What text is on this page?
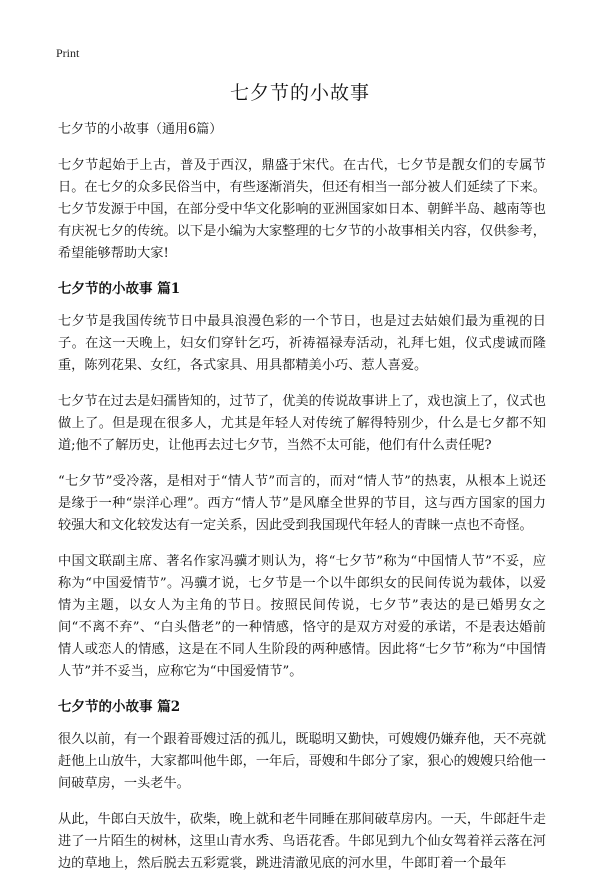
Print
七夕节的小故事

七夕节的小故事（通用6篇）

七夕节起始于上古，普及于西汉，鼎盛于宋代。在古代，七夕节是靓女们的专属节日。在七夕的众多民俗当中，有些逐渐消失，但还有相当一部分被人们延续了下来。七夕节发源于中国，在部分受中华文化影响的亚洲国家如日本、朝鲜半岛、越南等也有庆祝七夕的传统。以下是小编为大家整理的七夕节的小故事相关内容，仅供参考，希望能够帮助大家!

七夕节的小故事 篇1

七夕节是我国传统节日中最具浪漫色彩的一个节日，也是过去姑娘们最为重视的日子。在这一天晚上，妇女们穿针乞巧，祈祷福禄寿活动，礼拜七姐，仪式虔诚而隆重，陈列花果、女红，各式家具、用具都精美小巧、惹人喜爱。

七夕节在过去是妇孺皆知的，过节了，优美的传说故事讲上了，戏也演上了，仪式也做上了。但是现在很多人，尤其是年轻人对传统了解得特别少，什么是七夕都不知道;他不了解历史，让他再去过七夕节，当然不太可能，他们有什么责任呢?

“七夕节”受冷落，是相对于“情人节”而言的，而对“情人节”的热衷，从根本上说还是缘于一种“崇洋心理”。西方“情人节”是风靡全世界的节目，这与西方国家的国力较强大和文化较发达有一定关系，因此受到我国现代年轻人的青睐一点也不奇怪。

中国文联副主席、著名作家冯骥才则认为，将“七夕节”称为“中国情人节”不妥，应称为“中国爱情节”。冯骥才说，七夕节是一个以牛郎织女的民间传说为载体，以爱情为主题，以女人为主角的节日。按照民间传说，七夕节”表达的是已婚男女之间“不离不弃”、“白头偕老”的一种情感，恪守的是双方对爱的承诺，不是表达婚前情人或恋人的情感，这是在不同人生阶段的两种感情。因此将“七夕节”称为“中国情人节”并不妥当，应称它为“中国爱情节”。

七夕节的小故事 篇2

很久以前，有一个跟着哥嫂过活的孤儿，既聪明又勤快，可嫂嫂仍嫌弃他，天不亮就赶他上山放牛，大家都叫他牛郎，一年后，哥嫂和牛郎分了家，狠心的嫂嫂只给他一间破草房，一头老牛。

从此，牛郎白天放牛，砍柴，晚上就和老牛同睡在那间破草房内。一天，牛郎赶牛走进了一片陌生的树林，这里山青水秀、鸟语花香。牛郎见到九个仙女驾着祥云落在河边的草地上，然后脱去五彩霓裳，跳进清澈见底的河水里，牛郎盯着一个最年
